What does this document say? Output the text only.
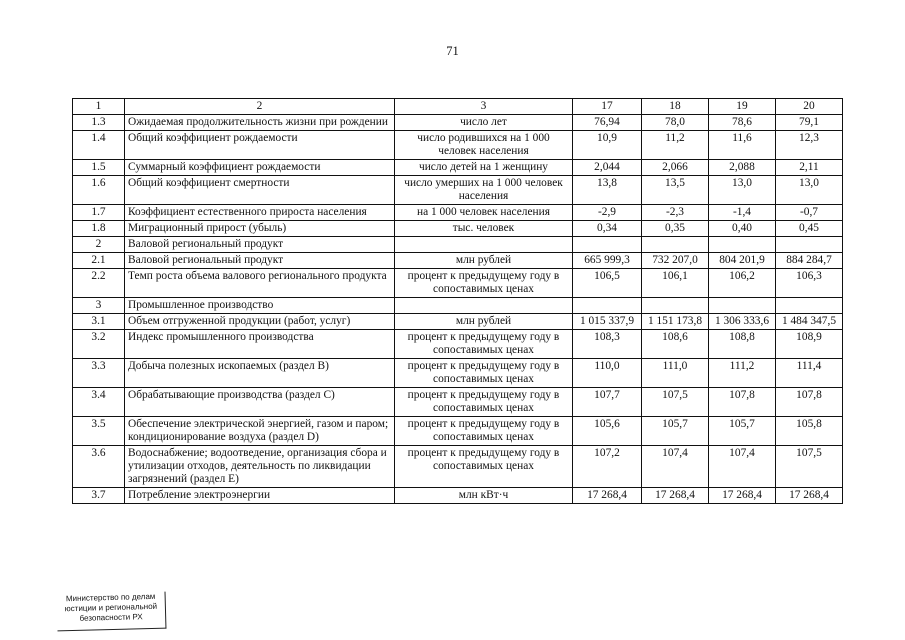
71
1	2	3	17	18	19	20
1.3	Ожидаемая продолжительность жизни при рождении	число лет	76,94	78,0	78,6	79,1
1.4	Общий коэффициент рождаемости	число родившихся на 1 000 человек населения	10,9	11,2	11,6	12,3
1.5	Суммарный коэффициент рождаемости	число детей на 1 женщину	2,044	2,066	2,088	2,11
1.6	Общий коэффициент смертности	число умерших на 1 000 человек населения	13,8	13,5	13,0	13,0
1.7	Коэффициент естественного прироста населения	на 1 000 человек населения	-2,9	-2,3	-1,4	-0,7
1.8	Миграционный прирост (убыль)	тыс. человек	0,34	0,35	0,40	0,45
2	Валовой региональный продукт					
2.1	Валовой региональный продукт	млн рублей	665 999,3	732 207,0	804 201,9	884 284,7
2.2	Темп роста объема валового регионального продукта	процент к предыдущему году в сопоставимых ценах	106,5	106,1	106,2	106,3
3	Промышленное производство					
3.1	Объем отгруженной продукции (работ, услуг)	млн рублей	1 015 337,9	1 151 173,8	1 306 333,6	1 484 347,5
3.2	Индекс промышленного производства	процент к предыдущему году в сопоставимых ценах	108,3	108,6	108,8	108,9
3.3	Добыча полезных ископаемых (раздел B)	процент к предыдущему году в сопоставимых ценах	110,0	111,0	111,2	111,4
3.4	Обрабатывающие производства (раздел C)	процент к предыдущему году в сопоставимых ценах	107,7	107,5	107,8	107,8
3.5	Обеспечение электрической энергией, газом и паром; кондиционирование воздуха (раздел D)	процент к предыдущему году в сопоставимых ценах	105,6	105,7	105,7	105,8
3.6	Водоснабжение; водоотведение, организация сбора и утилизации отходов, деятельность по ликвидации загрязнений (раздел E)	процент к предыдущему году в сопоставимых ценах	107,2	107,4	107,4	107,5
3.7	Потребление электроэнергии	млн кВт·ч	17 268,4	17 268,4	17 268,4	17 268,4
Министерство по делам
юстиции и региональной
безопасности РХ
